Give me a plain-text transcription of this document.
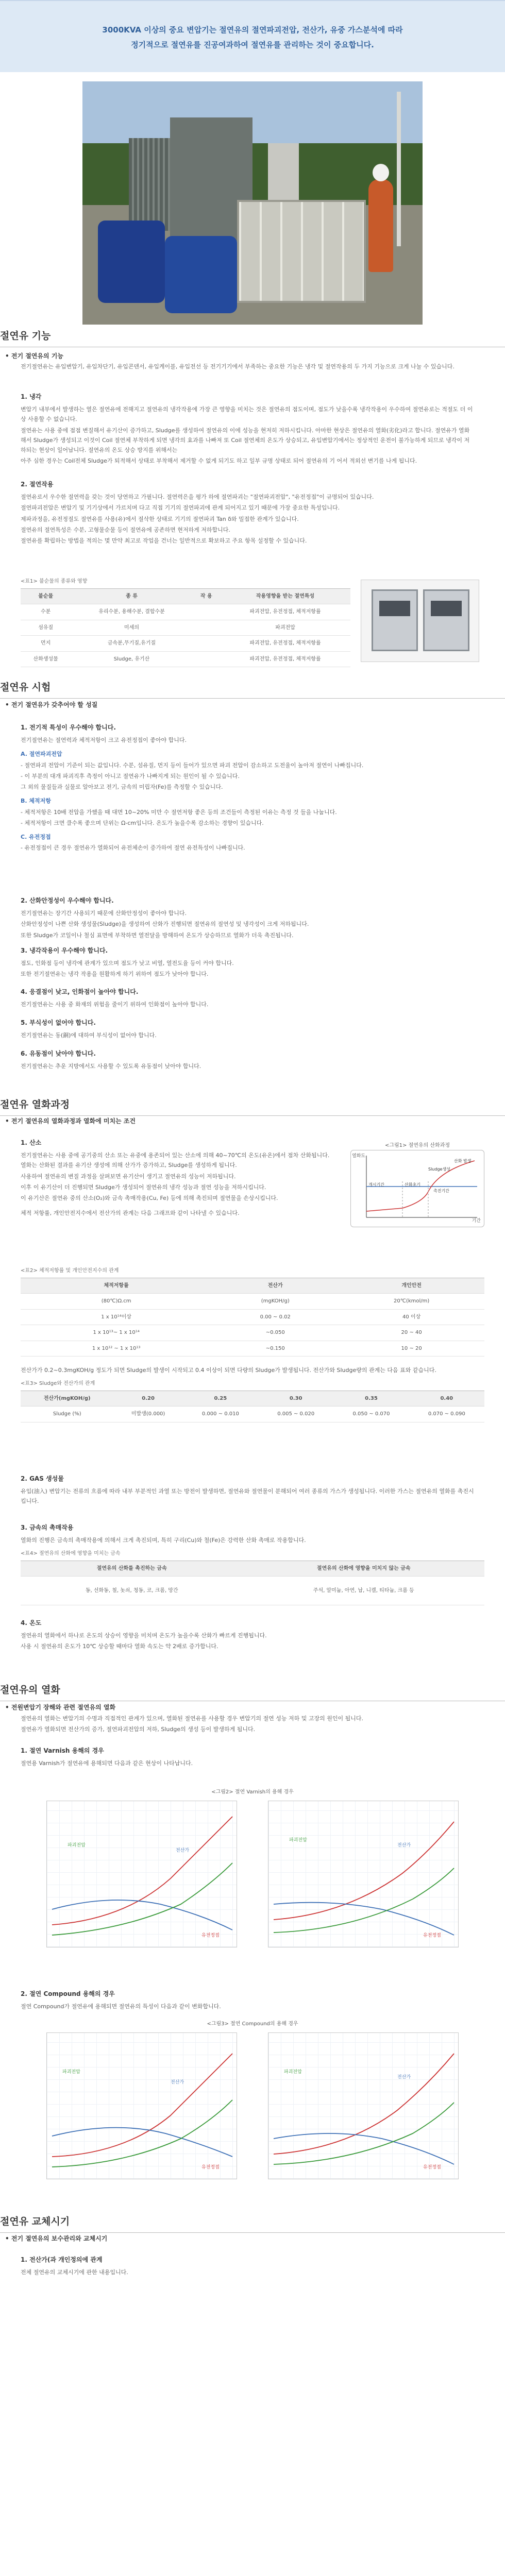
3000KVA 이상의 중요 변압기는 절연유의 절연파괴전압, 전산가, 유중 가스분석에 따라
정기적으로 절연유를 진공여과하여 절연유를 관리하는 것이 중요합니다.
절연유 기능
• 전기 절연유의 기능

전기절연유는 유입변압기, 유입차단기, 유입콘덴서, 유입케이블, 유입전선 등 전기기기에서 부족하는 중요한 기능은 냉각 및 절연작용의 두 가지 기능으로 크게 나눌 수 있습니다.

1. 냉각

변압기 내부에서 발생하는 열은 절연유에 전해지고 절연유의 냉각작용에 가장 큰 영향을 미치는 것은 절연유의 점도이며, 점도가 낮을수록 냉각작용이 우수하여 절연유로는 적절도 더 이상 사용할 수 없습니다.

절연유는 사용 중에 점점 변질해서 유기산이 증가하고, Sludge를 생성하여 절연유의 이에 성능을 현저히 저하시킵니다. 아마한 현상은 절연유의 열화(劣化)라고 합니다. 절연유가 열화해서 Sludge가 생성되고 이것이 Coil 절연체 부착하게 되면 냉각의 효과를 나빠져 또 Coil 절연체의 온도가 상승되고, 유입변압기에서는 정상적인 운전이 불가능하게 되므로 냉각이 저하되는 현상이 일어납니다. 절연유의 온도 상승 방지를 위해서는

아주 심한 경우는 Coil전체 Sludge가 퇴적해서 상태로 부착해서 제거할 수 없게 되기도 하고 일부 규명 상태로 되어 절연유의 기 어서 적외선 변기를 나게 됩니다.

2. 절연작용

절연유로서 우수한 절연력을 갖는 것이 당연하고 가필니다. 절연력은을 평가 하에 절연파괴는 "절연파괴전압", "유전정접"이 규명되어 있습니다.

절연파괴전압은 변압기 및 기기상에서 가르치며 다고 직접 기기의 절연파괴에 관계 되어지고 있기 때문에 가장 중요한 특성입니다.

제파과정을, 유전정절도 절연유를 사용(유)에서 절삭한 상태로 기기의 절연파괴 Tan δ와 밀접한 관계가 있습니다.

절연유의 절연특성은 수분, 고형물순물 등이 절연유에 공존하면 현저하게 저하합니다.

절연유를 확립하는 방법을 적의는 몇 만약 최고로 작업을 건너는 일반적으로 확보하고 주요 항목 설정할 수 있습니다.

<표1> 불순물의 종류와 영향
불순물	종 류	작 용	작용영향을 받는 절연특성
수분	유리수분, 용해수분, 결합수분		파괴전압, 유전정접, 체적저항률
섬유질	미세의		파괴전압
먼지	금속분,무기질,유기질		파괴전압, 유전정접, 체적저항률
산화생성물	Sludge, 유기산		파괴전압, 유전정접, 체적저항률
절연유 시험
• 전기 절연유가 갖추어야 할 성질
1. 전기적 특성이 우수해야 합니다.

전기절연유는 절연력과 체적저항이 크고 유전정접이 좋아야 합니다.

A. 절연파괴전압

- 절연파괴 전압이 기준이 되는 값입니다. 수분, 섬유질, 먼지 등이 들어가 있으면 파괴 전압이 감소하고 도전율이 높아져 절연이 나빠집니다.

- 이 부분의 대개 파괴직후 측정이 아니고 절연유가 나빠지게 되는 원인이 될 수 있습니다.

그 외의 물질들과 실물로 알아보고 전기, 금속의 미립자(Fe)를 측정할 수 있습니다.

B. 체적저항

- 체적저항은 10배 전압을 가했을 때 대면 10~20% 미만 수 절연저항 좋은 등의 조건들이 측정된 이유는 측정 것 들을 나눕니다.

- 체적저항이 크면 클수록 좋으며 단위는 Ω-cm입니다. 온도가 높을수록 감소하는 경향이 있습니다.

C. 유전정접

- 유전정접이 큰 경우 절연유가 열화되어 유전체손이 증가하여 절연 유전특성이 나빠집니다.

2. 산화안정성이 우수해야 합니다.

전기절연유는 장기간 사용되기 때문에 산화안정성이 좋아야 합니다.

산화안정성이 나쁜 산화 생성물(Sludge)을 생성하여 산화가 진행되면 절연유의 절연성 및 냉각성이 크게 저하됩니다.

또한 Sludge가 코일이나 철심 표면에 부착하면 열전달을 방해하여 온도가 상승하므로 열화가 더욱 촉진됩니다.

3. 냉각작용이 우수해야 합니다.

점도, 인화점 등이 냉각에 관계가 있으며 점도가 낮고 비열, 열전도율 등이 커야 합니다.

또한 전기절연유는 냉각 작용을 원활하게 하기 위하여 점도가 낮아야 합니다.

4. 응결점이 낮고, 인화점이 높아야 합니다.

전기절연유는 사용 중 화재의 위험을 줄이기 위하여 인화점이 높아야 합니다.

5. 부식성이 없어야 합니다.

전기절연유는 동(銅)에 대하여 부식성이 없어야 합니다.

6. 유동점이 낮아야 합니다.

전기절연유는 추운 지방에서도 사용할 수 있도록 유동점이 낮아야 합니다.

절연유 열화과정
• 전기 절연유의 열화과정과 열화에 미치는 조건
1. 산소

전기절연유는 사용 중에 공기중의 산소 또는 유중에 용존되어 있는 산소에 의해 40~70℃의 온도(유온)에서 점차 산화됩니다. 열화는 산화된 결과를 유기산 생성에 의해 산가가 증가하고, Sludge를 생성하게 됩니다.

사용하여 절연유의 변질 과정을 살펴보면 유기산이 생기고 절연유의 성능이 저하됩니다.

이후 이 유기산이 더 진행되면 Sludge가 생성되어 절연유의 냉각 성능과 절연 성능을 저하시킵니다.

이 유기산은 절연유 중의 산소(O₂)와 금속 촉매작용(Cu, Fe) 등에 의해 촉진되며 절연물을 손상시킵니다.

체적 저항률, 개인안전지수에서 전산가의 관계는 다음 그래프와 같이 나타낼 수 있습니다.

<그림1> 절연유의 산화과정
열화도
기간
개시기간	산화초기
촉진기간
Sludge생성
산화 발생
<표2> 체적저항률 및 개인안전지수의 관계
체적저항률	전산가	개인안전
(80℃)Ω.cm	(mgKOH/g)	20℃(kmol/m)
1 x 10¹⁴이상	0.00 ~ 0.02	40 이상
1 x 10¹³~ 1 x 10¹⁴	~0.050	20 ~ 40
1 x 10¹² ~ 1 x 10¹³	~0.150	10 ~ 20

전산가가 0.2~0.3mgKOH/g 정도가 되면 Sludge의 발생이 시작되고 0.4 이상이 되면 다량의 Sludge가 발생됩니다. 전산가와 Sludge량의 관계는 다음 표와 같습니다.

<표3> Sludge와 전산가의 관계
전산가(mgKOH/g)	0.20	0.25	0.30	0.35	0.40
Sludge (%)	미발생(0.000)	0.000 ~ 0.010	0.005 ~ 0.020	0.050 ~ 0.070	0.070 ~ 0.090
2. GAS 생성물

유입(油入) 변압기는 전류의 흐름에 따라 내부 부분적인 과열 또는 방전이 발생하면, 절연유와 절연물이 분해되어 여러 종류의 가스가 생성됩니다. 이러한 가스는 절연유의 열화를 촉진시킵니다.

3. 금속의 촉매작용

열화의 진행은 금속의 촉매작용에 의해서 크게 촉진되며, 특히 구리(Cu)와 철(Fe)은 강력한 산화 촉매로 작용합니다.

<표4> 절연유의 산화에 영향을 미치는 금속
절연유의 산화를 촉진하는 금속	절연유의 산화에 영향을 미치지 않는 금속
동, 선화동, 철, 놋쇠, 청동, 코, 크롬, 망간	주석, 알미늄, 아연, 납, 니켈, 티타늄, 크롬 등
4. 온도

절연유의 열화에서 하나로 온도의 상승이 영향을 미치며 온도가 높을수록 산화가 빠르게 진행됩니다.

사용 시 절연유의 온도가 10℃ 상승할 때마다 열화 속도는 약 2배로 증가합니다.

절연유의 열화
• 전원변압기 장해와 관련 절연유의 열화

절연유의 열화는 변압기의 수명과 직접적인 관계가 있으며, 열화된 절연유를 사용할 경우 변압기의 절연 성능 저하 및 고장의 원인이 됩니다.

절연유가 열화되면 전산가의 증가, 절연파괴전압의 저하, Sludge의 생성 등이 발생하게 됩니다.

1. 절연 Varnish 용해의 경우

절연용 Varnish가 절연유에 용해되면 다음과 같은 현상이 나타납니다.

<그림2> 절연 Varnish의 용해 경우
파괴전압
전산가
유전정접
파괴전압
전산가
유전정접
2. 절연 Compound 용해의 경우

절연 Compound가 절연유에 용해되면 절연유의 특성이 다음과 같이 변화합니다.

<그림3> 절연 Compound의 용해 경우
파괴전압
전산가
유전정접
파괴전압
전산가
유전정접
절연유 교체시기
• 전기 절연유의 보수관리와 교체시기
1. 전산가(과 개인정의에 관계

전체 절연유의 교체시기에 관한 내용입니다.
